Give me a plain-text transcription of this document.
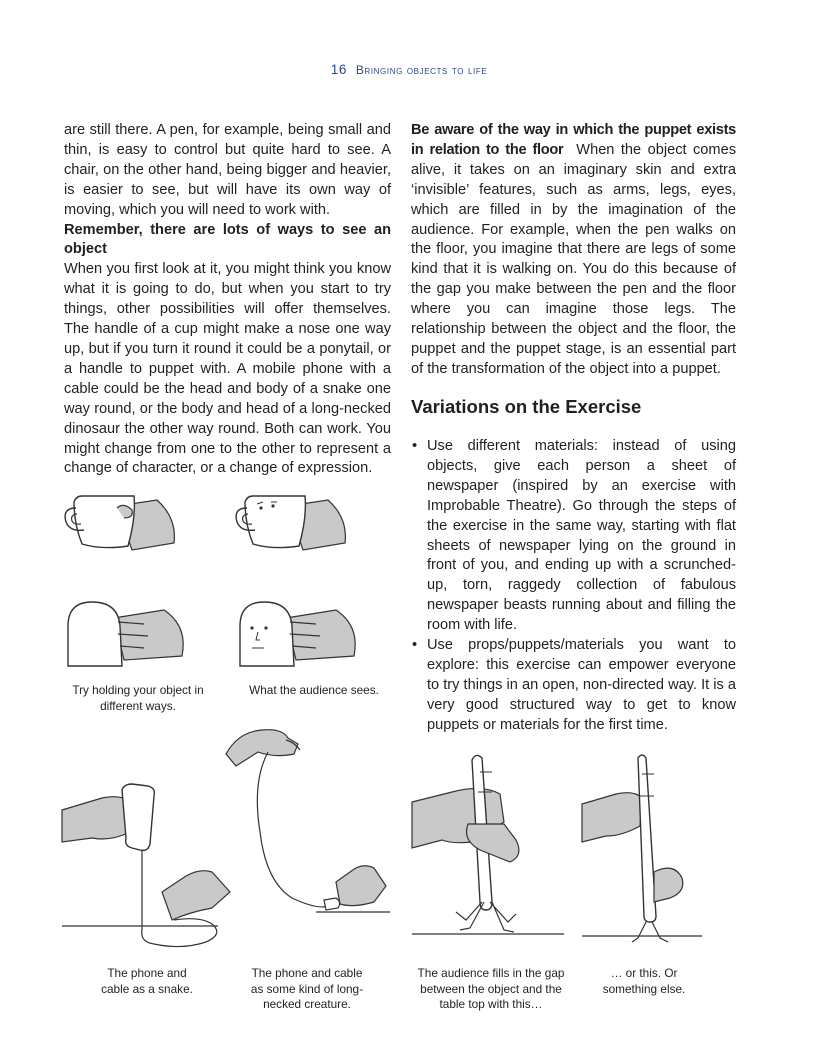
16 Bringing objects to life

are still there. A pen, for example, being small and thin, is easy to control but quite hard to see. A chair, on the other hand, being bigger and heavier, is easier to see, but will have its own way of moving, which you will need to work with.

Remember, there are lots of ways to see an object

When you first look at it, you might think you know what it is going to do, but when you start to try things, other possibilities will offer themselves. The handle of a cup might make a nose one way up, but if you turn it round it could be a ponytail, or a handle to puppet with. A mobile phone with a cable could be the head and body of a snake one way round, or the body and head of a long-necked dinosaur the other way round. Both can work. You might change from one to the other to represent a change of character, or a change of expression.

Be aware of the way in which the puppet exists in relation to the floor When the object comes alive, it takes on an imaginary skin and extra ‘invisible’ features, such as arms, legs, eyes, which are filled in by the imagination of the audience. For example, when the pen walks on the floor, you imagine that there are legs of some kind that it is walking on. You do this because of the gap you make between the pen and the floor where you can imagine those legs. The relationship between the object and the floor, the puppet and the puppet stage, is an essential part of the transformation of the object into a puppet.

Variations on the Exercise
• Use different materials: instead of using objects, give each person a sheet of newspaper (inspired by an exercise with Improbable Theatre). Go through the steps of the exercise in the same way, starting with flat sheets of newspaper lying on the ground in front of you, and ending up with a scrunched-up, torn, raggedy collection of fabulous newspaper beasts running about and filling the room with life.
• Use props/puppets/materials you want to explore: this exercise can empower everyone to try things in an open, non-directed way. It is a very good structured way to get to know puppets or materials for the first time.
Try holding your object in different ways.
What the audience sees.
The phone and cable as a snake.
The phone and cable as some kind of long-necked creature.
The audience fills in the gap between the object and the table top with this…
… or this. Or something else.
